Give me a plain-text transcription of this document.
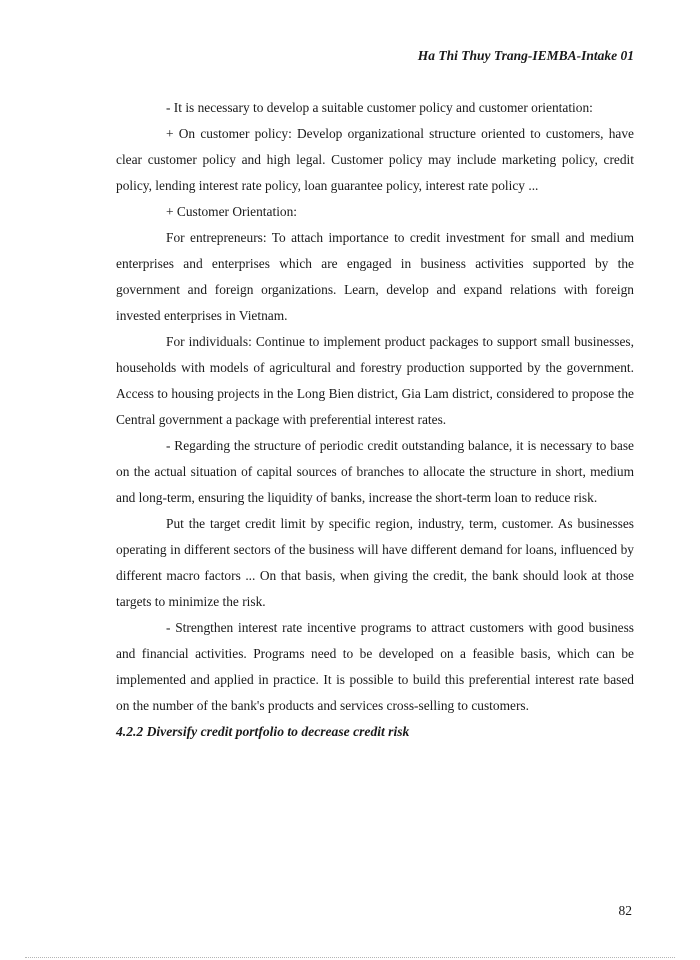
Ha Thi Thuy Trang-IEMBA-Intake 01

- It is necessary to develop a suitable customer policy and customer orientation:

+ On customer policy: Develop organizational structure oriented to customers, have clear customer policy and high legal. Customer policy may include marketing policy, credit policy, lending interest rate policy, loan guarantee policy, interest rate policy ...

+ Customer Orientation:

For entrepreneurs: To attach importance to credit investment for small and medium enterprises and enterprises which are engaged in business activities supported by the government and foreign organizations. Learn, develop and expand relations with foreign invested enterprises in Vietnam.

For individuals: Continue to implement product packages to support small businesses, households with models of agricultural and forestry production supported by the government. Access to housing projects in the Long Bien district, Gia Lam district, considered to propose the Central government a package with preferential interest rates.

- Regarding the structure of periodic credit outstanding balance, it is necessary to base on the actual situation of capital sources of branches to allocate the structure in short, medium and long-term, ensuring the liquidity of banks, increase the short-term loan to reduce risk.

Put the target credit limit by specific region, industry, term, customer. As businesses operating in different sectors of the business will have different demand for loans, influenced by different macro factors ... On that basis, when giving the credit, the bank should look at those targets to minimize the risk.

- Strengthen interest rate incentive programs to attract customers with good business and financial activities. Programs need to be developed on a feasible basis, which can be implemented and applied in practice. It is possible to build this preferential interest rate based on the number of the bank's products and services cross-selling to customers.

4.2.2 Diversify credit portfolio to decrease credit risk
82
